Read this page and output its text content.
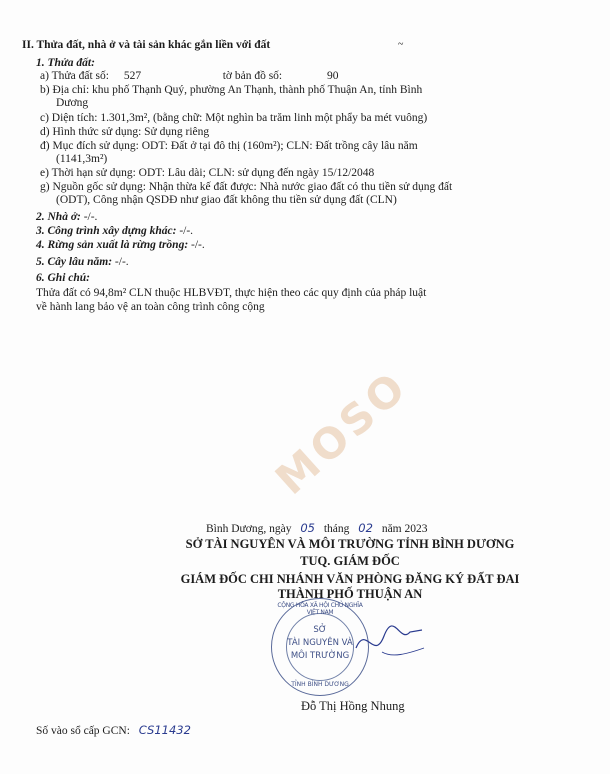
II. Thửa đất, nhà ở và tài sản khác gắn liền với đất	~
1. Thửa đất:
a) Thửa đất số: 527	tờ bản đồ số:	90
b) Địa chỉ: khu phố Thạnh Quý, phường An Thạnh, thành phố Thuận An, tỉnh Bình
Dương
c) Diện tích: 1.301,3m², (bằng chữ: Một nghìn ba trăm linh một phẩy ba mét vuông)
d) Hình thức sử dụng: Sử dụng riêng
đ) Mục đích sử dụng: ODT: Đất ở tại đô thị (160m²); CLN: Đất trồng cây lâu năm
(1141,3m²)
e) Thời hạn sử dụng: ODT: Lâu dài; CLN: sử dụng đến ngày 15/12/2048
g) Nguồn gốc sử dụng: Nhận thừa kế đất được: Nhà nước giao đất có thu tiền sử dụng đất
(ODT), Công nhận QSDĐ như giao đất không thu tiền sử dụng đất (CLN)
2. Nhà ở: -/-.
3. Công trình xây dựng khác: -/-.
4. Rừng sản xuất là rừng trồng: -/-.
5. Cây lâu năm: -/-.
6. Ghi chú:
Thửa đất có 94,8m² CLN thuộc HLBVĐT, thực hiện theo các quy định của pháp luật
về hành lang bảo vệ an toàn công trình công cộng
MOSO
Bình Dương, ngày 05 tháng 02 năm 2023
SỞ TÀI NGUYÊN VÀ MÔI TRƯỜNG TỈNH BÌNH DƯƠNG
TUQ. GIÁM ĐỐC
GIÁM ĐỐC CHI NHÁNH VĂN PHÒNG ĐĂNG KÝ ĐẤT ĐAI
THÀNH PHỐ THUẬN AN
CỘNG HÒA XÃ HỘI CHỦ NGHĨA VIỆT NAM
SỞ
TÀI NGUYÊN VÀ
MÔI TRƯỜNG
TỈNH BÌNH DƯƠNG
Đỗ Thị Hồng Nhung
Số vào sổ cấp GCN: CS11432
